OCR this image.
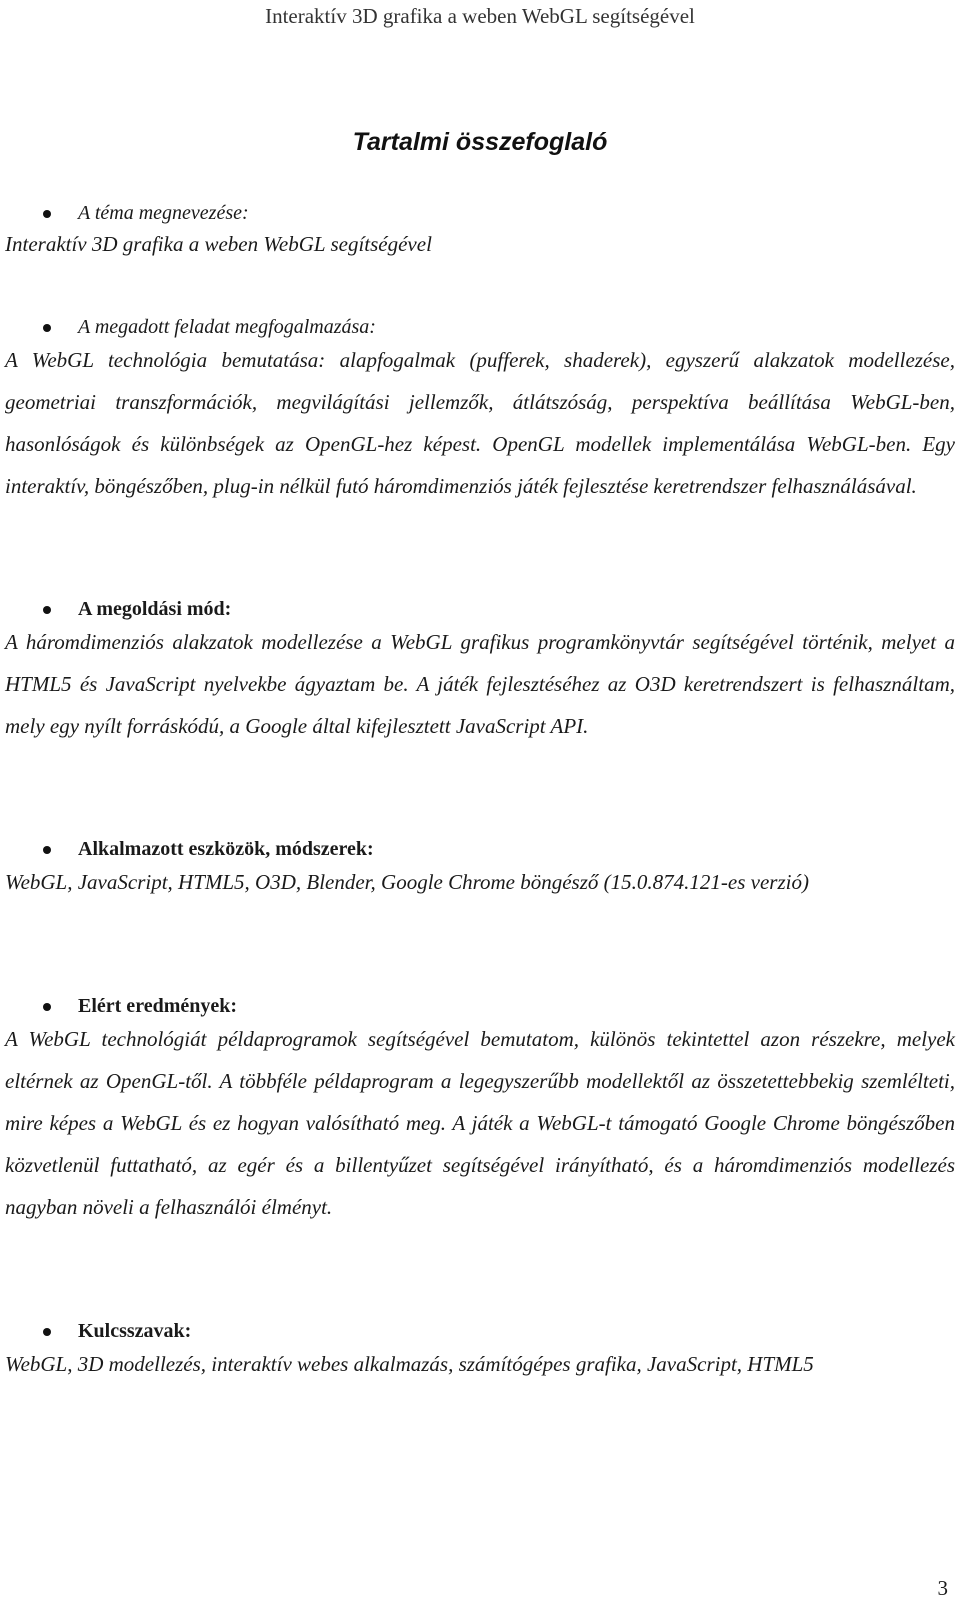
Interaktív 3D grafika a weben WebGL segítségével
Tartalmi összefoglaló
A téma megnevezése:
Interaktív 3D grafika a weben WebGL segítségével
A megadott feladat megfogalmazása:
A WebGL technológia bemutatása: alapfogalmak (pufferek, shaderek), egyszerű alakzatok modellezése, geometriai transzformációk, megvilágítási jellemzők, átlátszóság, perspektíva beállítása WebGL-ben, hasonlóságok és különbségek az OpenGL-hez képest. OpenGL modellek implementálása WebGL-ben. Egy interaktív, böngészőben, plug-in nélkül futó háromdimenziós játék fejlesztése keretrendszer felhasználásával.
A megoldási mód:
A háromdimenziós alakzatok modellezése a WebGL grafikus programkönyvtár segítségével történik, melyet a HTML5 és JavaScript nyelvekbe ágyaztam be. A játék fejlesztéséhez az O3D keretrendszert is felhasználtam, mely egy nyílt forráskódú, a Google által kifejlesztett JavaScript API.
Alkalmazott eszközök, módszerek:
WebGL, JavaScript, HTML5, O3D, Blender, Google Chrome böngésző (15.0.874.121-es verzió)
Elért eredmények:
A WebGL technológiát példaprogramok segítségével bemutatom, különös tekintettel azon részekre, melyek eltérnek az OpenGL-től. A többféle példaprogram a legegyszerűbb modellektől az összetettebbekig szemlélteti, mire képes a WebGL és ez hogyan valósítható meg. A játék a WebGL-t támogató Google Chrome böngészőben közvetlenül futtatható, az egér és a billentyűzet segítségével irányítható, és a háromdimenziós modellezés nagyban növeli a felhasználói élményt.
Kulcsszavak:
WebGL, 3D modellezés, interaktív webes alkalmazás, számítógépes grafika, JavaScript, HTML5
3
